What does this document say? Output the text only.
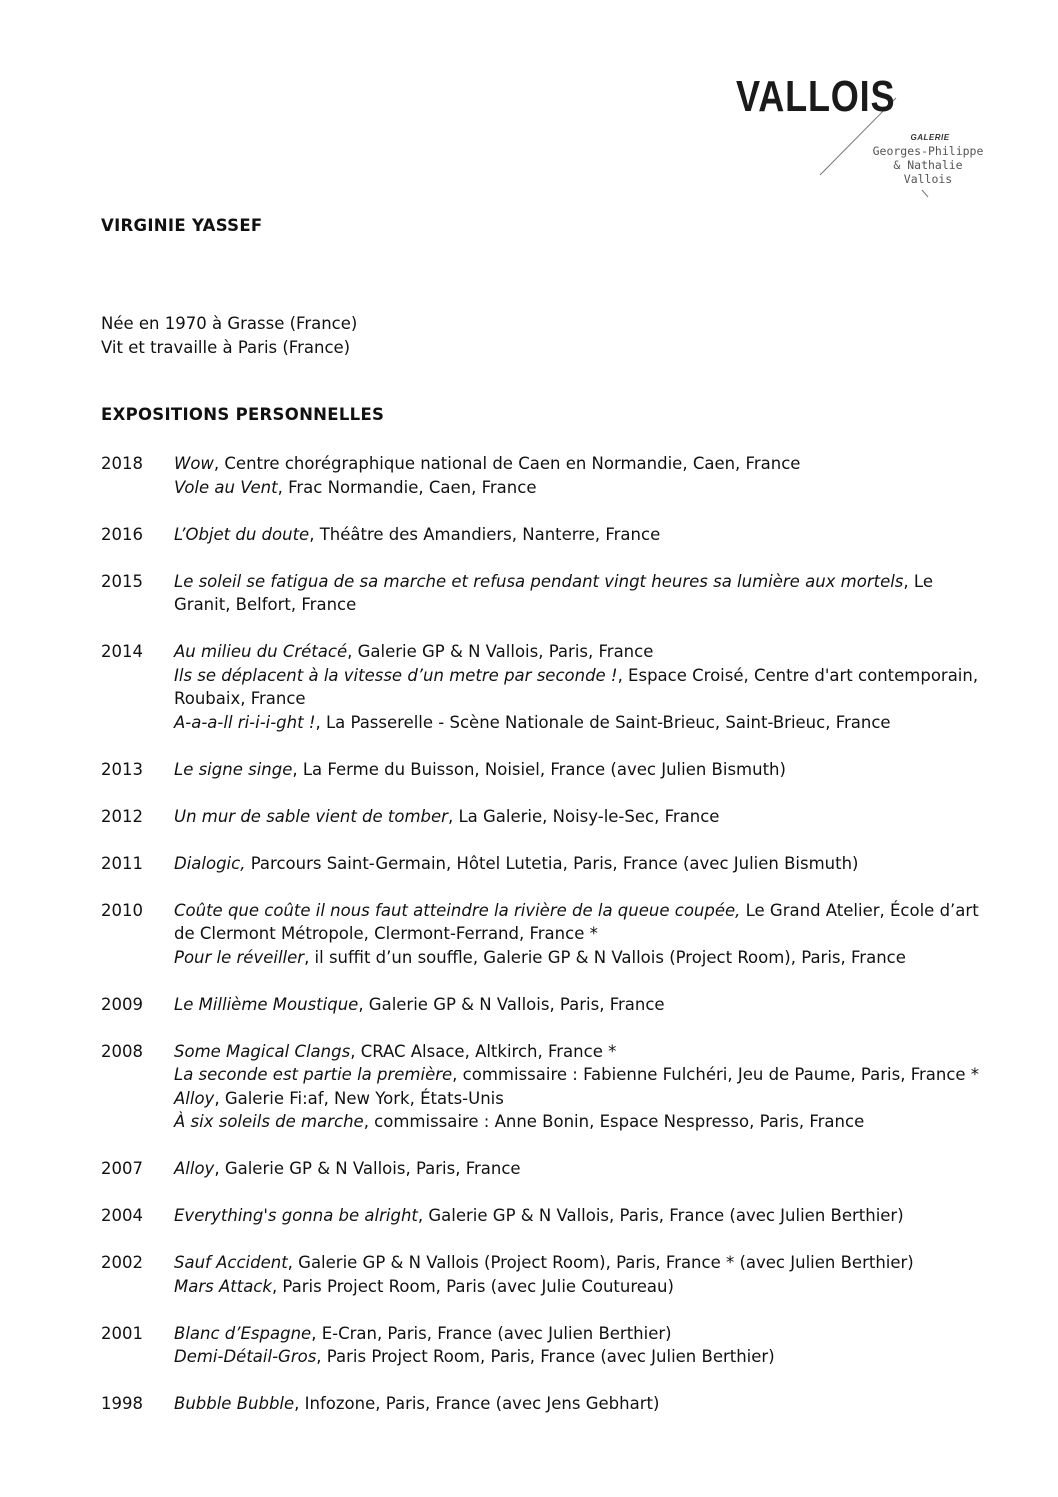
VALLOIS
GALERIE
Georges-Philippe
& Nathalie
Vallois
VIRGINIE YASSEF

Née en 1970 à Grasse (France)
Vit et travaille à Paris (France)

EXPOSITIONS PERSONNELLES
2018	Wow, Centre chorégraphique national de Caen en Normandie, Caen, France
Vole au Vent, Frac Normandie, Caen, France
2016	L’Objet du doute, Théâtre des Amandiers, Nanterre, France
2015	Le soleil se fatigua de sa marche et refusa pendant vingt heures sa lumière aux mortels, Le Granit, Belfort, France
2014	Au milieu du Crétacé, Galerie GP & N Vallois, Paris, France
Ils se déplacent à la vitesse d’un metre par seconde !, Espace Croisé, Centre d'art contemporain, Roubaix, France
A-a-a-ll ri-i-i-ght !, La Passerelle - Scène Nationale de Saint-Brieuc, Saint-Brieuc, France
2013	Le signe singe, La Ferme du Buisson, Noisiel, France (avec Julien Bismuth)
2012	Un mur de sable vient de tomber, La Galerie, Noisy-le-Sec, France
2011	Dialogic, Parcours Saint-Germain, Hôtel Lutetia, Paris, France (avec Julien Bismuth)
2010	Coûte que coûte il nous faut atteindre la rivière de la queue coupée, Le Grand Atelier, École d’art de Clermont Métropole, Clermont-Ferrand, France *
Pour le réveiller, il suffit d’un souffle, Galerie GP & N Vallois (Project Room), Paris, France
2009	Le Millième Moustique, Galerie GP & N Vallois, Paris, France
2008	Some Magical Clangs, CRAC Alsace, Altkirch, France *
La seconde est partie la première, commissaire : Fabienne Fulchéri, Jeu de Paume, Paris, France *
Alloy, Galerie Fi:af, New York, États-Unis
À six soleils de marche, commissaire : Anne Bonin, Espace Nespresso, Paris, France
2007	Alloy, Galerie GP & N Vallois, Paris, France
2004	Everything's gonna be alright, Galerie GP & N Vallois, Paris, France (avec Julien Berthier)
2002	Sauf Accident, Galerie GP & N Vallois (Project Room), Paris, France * (avec Julien Berthier)
Mars Attack, Paris Project Room, Paris (avec Julie Coutureau)
2001	Blanc d’Espagne, E-Cran, Paris, France (avec Julien Berthier)
Demi-Détail-Gros, Paris Project Room, Paris, France (avec Julien Berthier)
1998	Bubble Bubble, Infozone, Paris, France (avec Jens Gebhart)
